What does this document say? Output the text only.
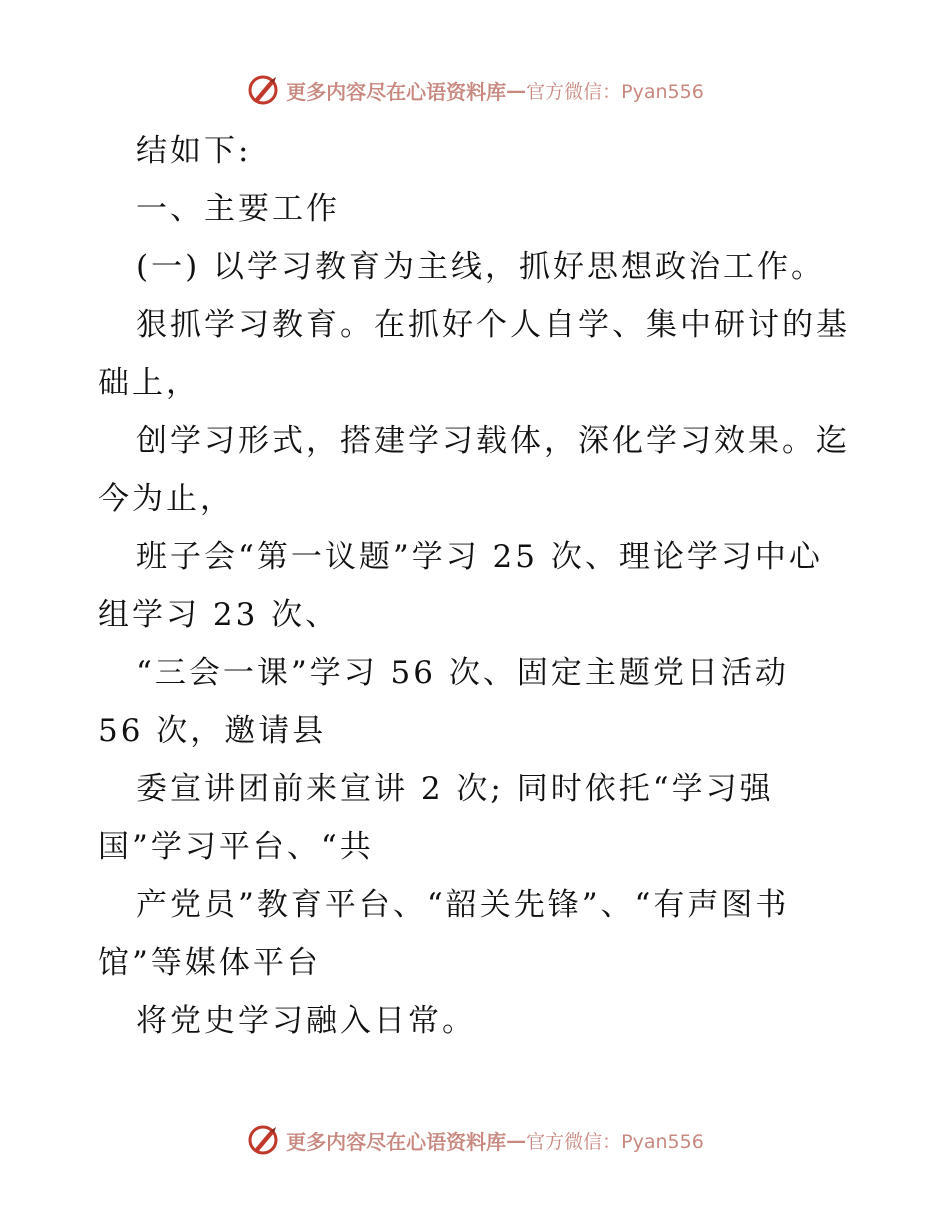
更多内容尽在心语资料库 — 官方微信：Pyan556
结如下:
一、主要工作
(一) 以学习教育为主线，抓好思想政治工作。
狠抓学习教育。在抓好个人自学、集中研讨的基
础上，
创学习形式，搭建学习载体，深化学习效果。迄
今为止，
班子会“第一议题”学习 25 次、理论学习中心
组学习 23 次、
“三会一课”学习 56 次、固定主题党日活动
56 次，邀请县
委宣讲团前来宣讲 2 次; 同时依托“学习强
国”学习平台、“共
产党员”教育平台、“韶关先锋”、“有声图书
馆”等媒体平台
将党史学习融入日常。
更多内容尽在心语资料库 — 官方微信：Pyan556
